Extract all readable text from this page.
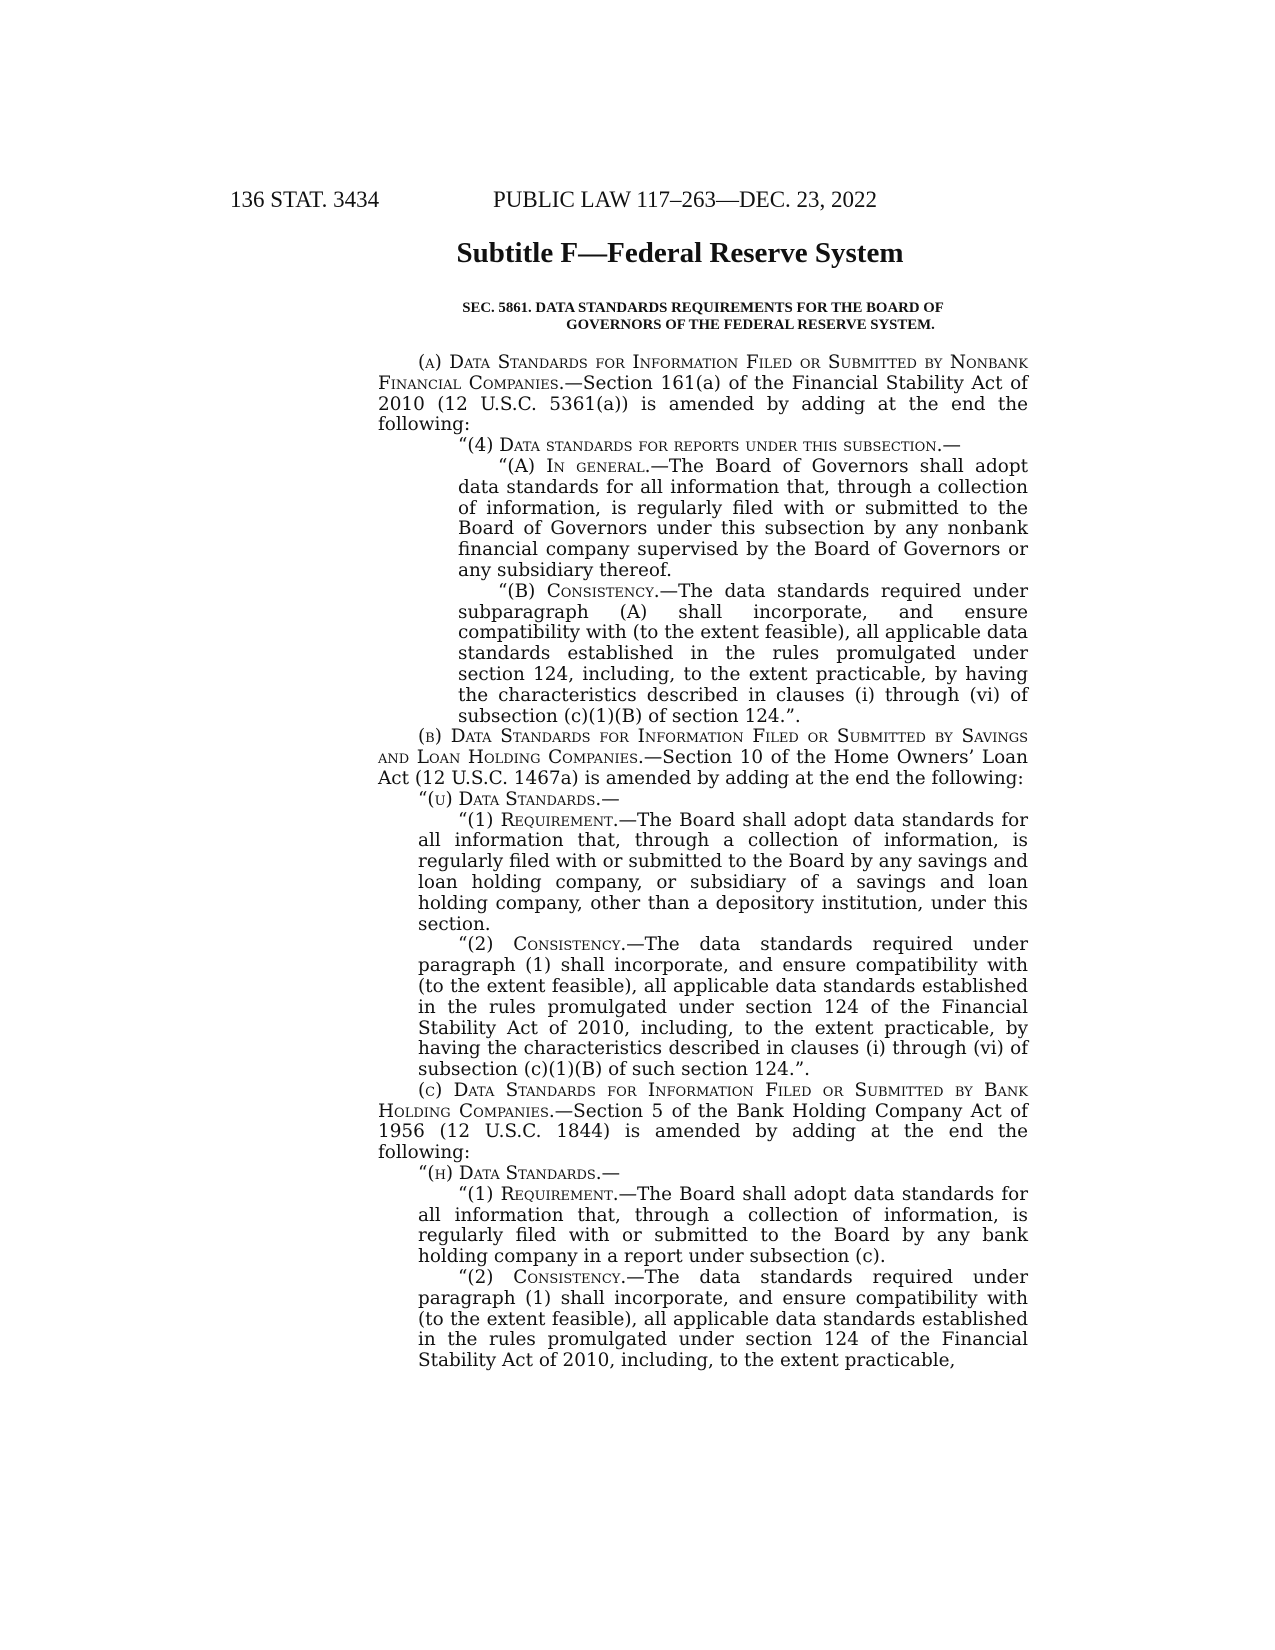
136 STAT. 3434	PUBLIC LAW 117–263—DEC. 23, 2022
Subtitle F—Federal Reserve System
SEC. 5861. DATA STANDARDS REQUIREMENTS FOR THE BOARD OF
GOVERNORS OF THE FEDERAL RESERVE SYSTEM.

(a) Data Standards for Information Filed or Submitted by Nonbank Financial Companies.—Section 161(a) of the Financial Stability Act of 2010 (12 U.S.C. 5361(a)) is amended by adding at the end the following:

“(4) Data standards for reports under this subsection.—

“(A) In general.—The Board of Governors shall adopt data standards for all information that, through a collection of information, is regularly filed with or submitted to the Board of Governors under this subsection by any nonbank financial company supervised by the Board of Governors or any subsidiary thereof.

“(B) Consistency.—The data standards required under subparagraph (A) shall incorporate, and ensure compatibility with (to the extent feasible), all applicable data standards established in the rules promulgated under section 124, including, to the extent practicable, by having the characteristics described in clauses (i) through (vi) of subsection (c)(1)(B) of section 124.”.

(b) Data Standards for Information Filed or Submitted by Savings and Loan Holding Companies.—Section 10 of the Home Owners’ Loan Act (12 U.S.C. 1467a) is amended by adding at the end the following:

“(u) Data Standards.—

“(1) Requirement.—The Board shall adopt data standards for all information that, through a collection of information, is regularly filed with or submitted to the Board by any savings and loan holding company, or subsidiary of a savings and loan holding company, other than a depository institution, under this section.

“(2) Consistency.—The data standards required under paragraph (1) shall incorporate, and ensure compatibility with (to the extent feasible), all applicable data standards established in the rules promulgated under section 124 of the Financial Stability Act of 2010, including, to the extent practicable, by having the characteristics described in clauses (i) through (vi) of subsection (c)(1)(B) of such section 124.”.

(c) Data Standards for Information Filed or Submitted by Bank Holding Companies.—Section 5 of the Bank Holding Company Act of 1956 (12 U.S.C. 1844) is amended by adding at the end the following:

“(h) Data Standards.—

“(1) Requirement.—The Board shall adopt data standards for all information that, through a collection of information, is regularly filed with or submitted to the Board by any bank holding company in a report under subsection (c).

“(2) Consistency.—The data standards required under paragraph (1) shall incorporate, and ensure compatibility with (to the extent feasible), all applicable data standards established in the rules promulgated under section 124 of the Financial Stability Act of 2010, including, to the extent practicable,
